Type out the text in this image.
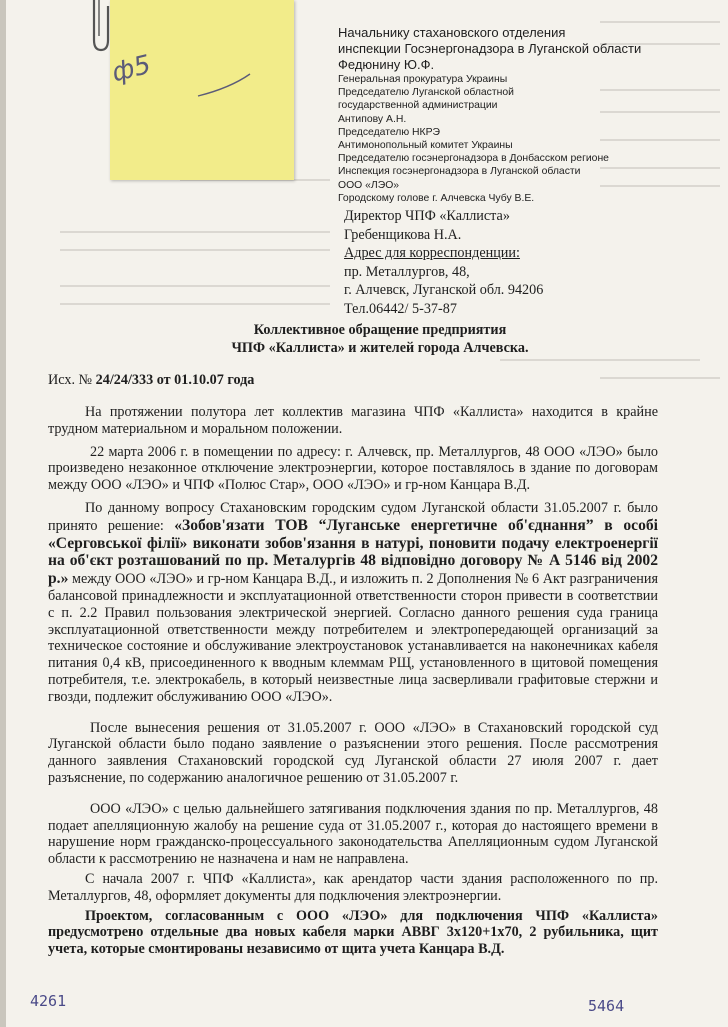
ф5

Начальнику стахановского отделения

инспекции Госэнергонадзора в Луганской области

Федюнину Ю.Ф.

Генеральная прокуратура Украины

Председателю Луганской областной

государственной администрации

Антипову А.Н.

Председателю НКРЭ

Антимонопольный комитет Украины

Председателю госэнергонадзора в Донбасском регионе

Инспекция госэнергонадзора в Луганской области

ООО «ЛЭО»

Городскому голове г. Алчевска Чубу В.Е.

Директор ЧПФ «Каллиста»

Гребенщикова Н.А.

Адрес для корреспонденции:

пр. Металлургов, 48,

г. Алчевск, Луганской обл. 94206

Тел.06442/ 5-37-87

Коллективное обращение предприятия

ЧПФ «Каллиста» и жителей города Алчевска.

Исх. № 24/24/333 от 01.10.07 года

На протяжении полутора лет коллектив магазина ЧПФ «Каллиста» находится в крайне трудном материальном и моральном положении.

22 марта 2006 г. в помещении по адресу: г. Алчевск, пр. Металлургов, 48 ООО «ЛЭО» было произведено незаконное отключение электроэнергии, которое поставлялось в здание по договорам между ООО «ЛЭО» и ЧПФ «Полюс Стар», ООО «ЛЭО» и гр-ном Канцара В.Д.

По данному вопросу Стахановским городским судом Луганской области 31.05.2007 г. было принято решение: «Зобов'язати ТОВ “Луганське енергетичне об'єднання” в особі «Серговської філії» виконати зобов'язання в натурі, поновити подачу електроенергії на об'єкт розташований по пр. Металургів 48 відповідно договору № А 5146 від 2002 р.» между ООО «ЛЭО» и гр-ном Канцара В.Д., и изложить п. 2 Дополнения № 6 Акт разграничения балансовой принадлежности и эксплуатационной ответственности сторон привести в соответствии с п. 2.2 Правил пользования электрической энергией. Согласно данного решения суда граница эксплуатационной ответственности между потребителем и электропередающей организаций за техническое состояние и обслуживание электроустановок устанавливается на наконечниках кабеля питания 0,4 кВ, присоединенного к вводным клеммам РЩ, установленного в щитовой помещения потребителя, т.е. электрокабель, в который неизвестные лица засверливали графитовые стержни и гвозди, подлежит обслуживанию ООО «ЛЭО».

После вынесения решения от 31.05.2007 г. ООО «ЛЭО» в Стахановский городской суд Луганской области было подано заявление о разъяснении этого решения. После рассмотрения данного заявления Стахановский городской суд Луганской области 27 июля 2007 г. дает разъяснение, по содержанию аналогичное решению от 31.05.2007 г.

ООО «ЛЭО» с целью дальнейшего затягивания подключения здания по пр. Металлургов, 48 подает апелляционную жалобу на решение суда от 31.05.2007 г., которая до настоящего времени в нарушение норм гражданско-процессуального законодательства Апелляционным судом Луганской области к рассмотрению не назначена и нам не направлена.

С начала 2007 г. ЧПФ «Каллиста», как арендатор части здания расположенного по пр. Металлургов, 48, оформляет документы для подключения электроэнергии.

Проектом, согласованным с ООО «ЛЭО» для подключения ЧПФ «Каллиста» предусмотрено отдельные два новых кабеля марки АВВГ 3х120+1х70, 2 рубильника, щит учета, которые смонтированы независимо от щита учета Канцара В.Д.

4261	5464
